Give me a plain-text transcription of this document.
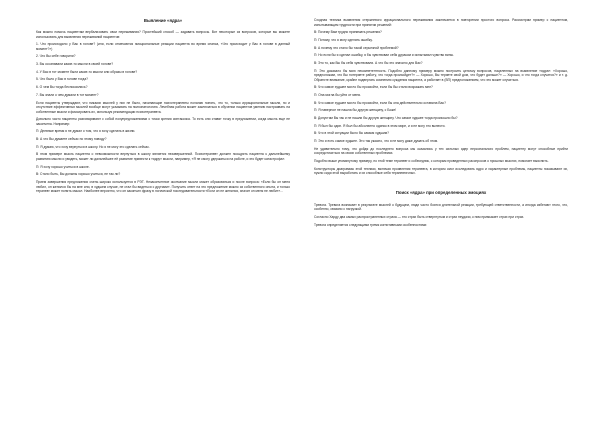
Выяление «ядра»

Как можно помочь пациентам вербализовать свои переживания? Простейший способ — задавать вопросы. Вот некоторые из вопросов, которые вы можете использовать для выявления переживаний пациентов:

1. Что происходило у Вас в голове? (или, если отмечаются эмоциональные реакции пациента во время сеанса, «Что происходит у Вас в голове в данный момент?»)

2. Что Вы себе говорили?

3. Вы осознавали какие-то мысли в своей голове?

4. У Вас в тот момент были какие-то мысли или образы в голове?

5. Что было у Вас в голове тогда?

6. О чем Вы тогда беспокоились?

7. Вы знали о чем думали в тот момент?

Если пациенты утверждают, что никаких мыслей у них не было, начинающие психотерапевты полагаю понять, что то, только иррациональные мысли, но и отсутствие эффективных мыслей вообще могут указывать на психопатологию. Лечебная работа может заключаться в обучении пациентов умению настраивать на собственные мысли и фиксировать их, используя рекомендации психотерапевта.

Довольно часто пациенты разговаривают с собой полупредложениями с точки зрения синтаксиса. То есть они ставят точку в предложении, когда мысль еще не закончена. Например:

П: Дневные время я не думал о том, что я хочу сделать в жизни.

В: А что Вы думаете сейчас по этому поводу?

П: Я думаю, что хочу вернуться в школу. Но я не могу это сделать сейчас.

В этом примере мысль пациента о невозможности вернуться в школу является незавершенной. Психотерапевт должен поощрять пациента к дальнейшему развитию мысли и увидеть, может ли дальнейшее её развитие привести к «ядру» мысли, например, «Я не смогу удержаться на работе, и это будет катастрофа».

П: Я хочу хорошо учиться в школе.

В: Стало быть, Вы должны хорошо учиться, не так ли?

Прием завершения предложения очень широко используется в РЭТ. Незаконченное окончание мысли может образоваться и после вопроса: «Если бы он меня любил, он женился бы на мне или, в худшем случае, не стал бы видеться с другими». Получить ответ на это предложение можно из собственного опыта, и только терапевт может понять смысл. Наиболее вероятно, что он закончил фразу в логической последовательности «Если он не женился, значит он меня не любит»...

Сходная техника выявления стержневого иррационального переживания заключается в повторении простого вопроса. Рассмотрим пример с пациентом, испытывающим трудности при принятии решений:

В: Почему Вам трудно принимать решения?

П: Потому, что я могу сделать ошибку.

В: А почему это стало бы такой серьезной проблемой?

П: Но если бы я сделал ошибку, я бы чувствовал себя дураком и испытывал чувство вины.

В: Это то, как Вы бы себя чувствовали. А что бы это значило для Вас?

П: Это доказало бы мою некомпетентность. Подобно данному примеру можно построить цепочку вопросов, нацеленных на выявление «ядра»: «Хорошо, предположим, что Вы потеряете работу, что тогда произойдет?» — Хорошо, Вы теряете свой дом, что будет дальше?» — Хорошо, и что тогда случится?» и т. д. Обратите внимание, крайне подвергать сомнению суждения пациента, а работает в (ВП) предположением, что это может случиться.

В: Что самое худшее могло бы произойти, если бы Вы стали возражать мне?

П: Она могла бы уйти от меня.

В: Что самое худшее могло бы произойти, если бы она действительно оставила Вас?

П: Я наверное не нашла бы другую женщину, с Боже!

В: Допустим Вы так и не нашли бы другую женщину. Что самое худшее тогда произошло бы?

П: Я был бы один. Я был бы абсолютно одинок в этом мире, и я не могу это вынести.

В: Что в этой ситуации было бы самым худшим?

П: Это и есть самое худшее. Это так ужасно, что я не могу даже думать об этом.

Не удивительно тому, что дойдя до последнего вопроса мы оказались у тех сильных ядер персонального проблем, пациенту могут способные прийти сосредоточиться на своих собственных проблемах.

Подобно выше упомянутому примеру, по этой теме терапевт и собеседник, с которым проведенных расспросов о прошлых мыслях, помогает выяснить.

Конструкторы диаграммы этой техники, включая проявления терапевта, в котором смог исследовать ядро и характерные проблемы, пациенты показывают их, нужно сидя этой выработать и их способные себя терапевтичных.

Поиск «ядра» при определенных эмоциях

Тревога. Тревога возникает в результате мыслей о будущем, люди часто боятся длительной реакции, требующей ответственности, а иногда избегают этого, что, особенно, связано с нагрузкой.

Согласно Харду два самых распространенных страха — это страх быть отвергнутым и страх неудачи, к ним примыкает страх при страх.

Тревога определяется следующими тремя когнитивными особенностями:
